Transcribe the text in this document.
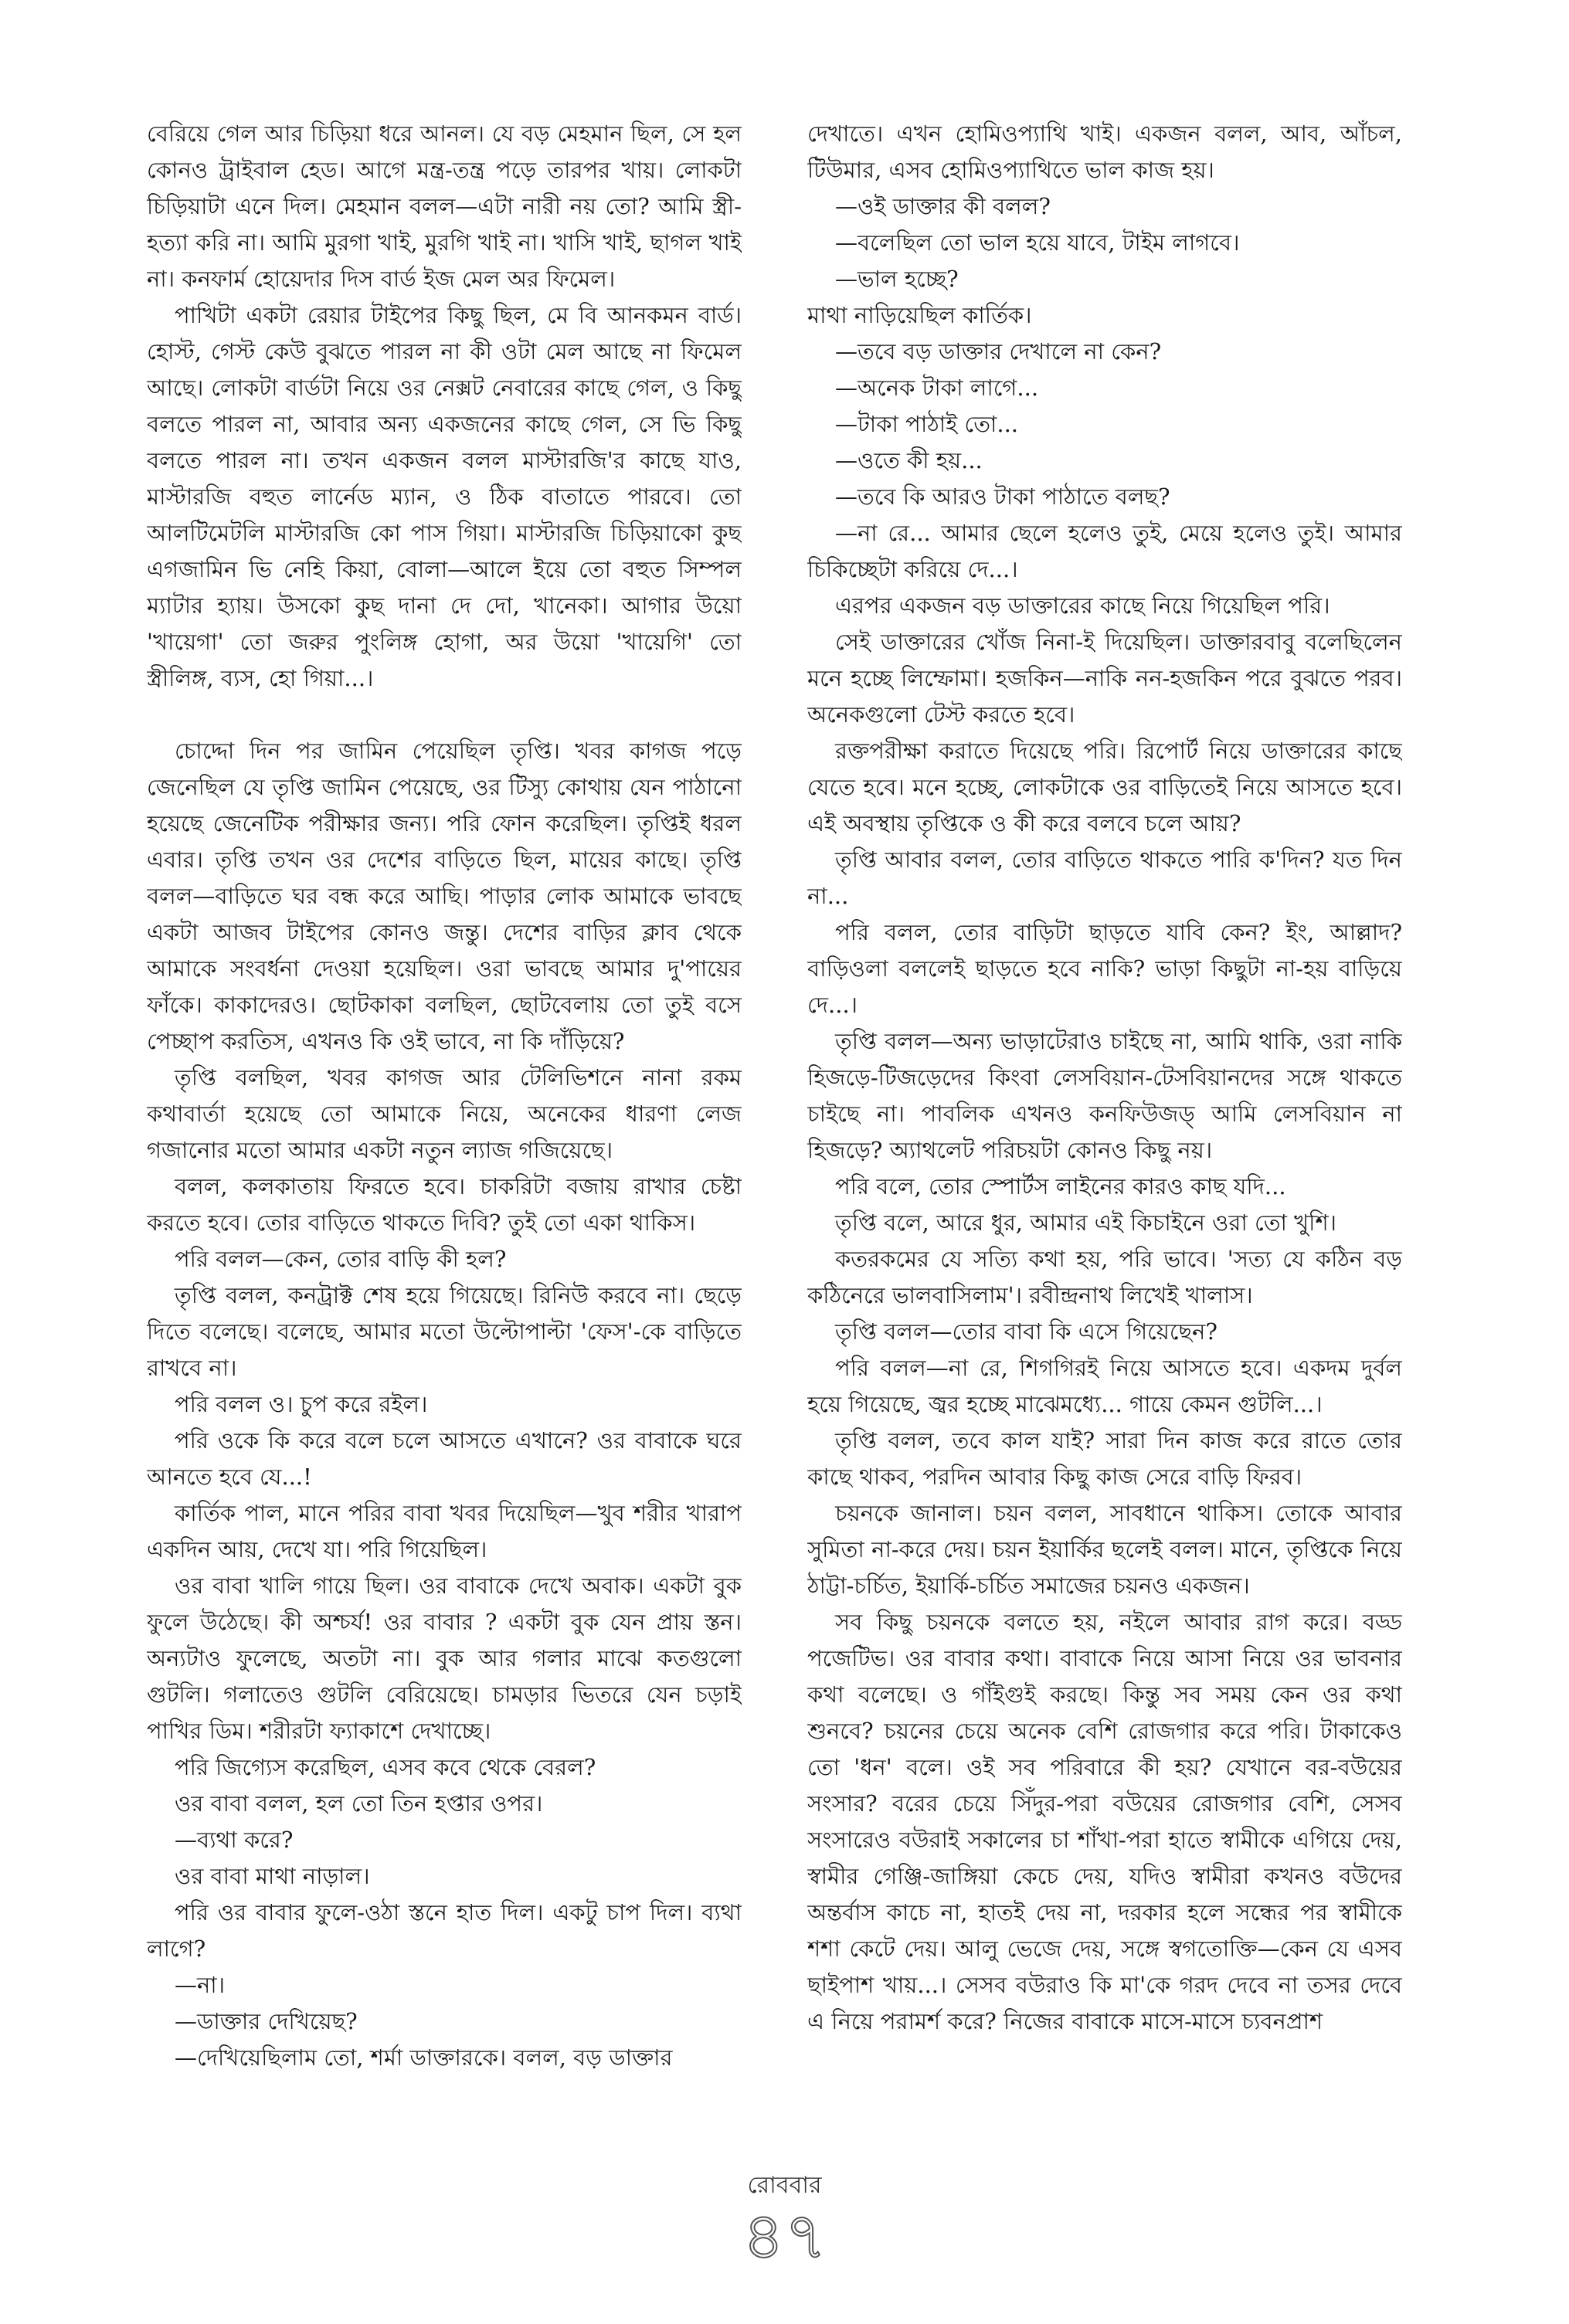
বেরিয়ে গেল আর চিড়িয়া ধরে আনল। যে বড় মেহমান ছিল, সে হল কোনও ট্রাইবাল হেড। আগে মন্ত্র-তন্ত্র পড়ে তারপর খায়। লোকটা চিড়িয়াটা এনে দিল। মেহমান বলল—এটা নারী নয় তো? আমি স্ত্রী-হত্যা করি না। আমি মুরগা খাই, মুরগি খাই না। খাসি খাই, ছাগল খাই না। কনফার্ম হোয়েদার দিস বার্ড ইজ মেল অর ফিমেল।

পাখিটা একটা রেয়ার টাইপের কিছু ছিল, মে বি আনকমন বার্ড। হোস্ট, গেস্ট কেউ বুঝতে পারল না কী ওটা মেল আছে না ফিমেল আছে। লোকটা বার্ডটা নিয়ে ওর নেক্সট নেবারের কাছে গেল, ও কিছু বলতে পারল না, আবার অন্য একজনের কাছে গেল, সে ভি কিছু বলতে পারল না। তখন একজন বলল মাস্টারজি'র কাছে যাও, মাস্টারজি বহুত লার্নেড ম্যান, ও ঠিক বাতাতে পারবে। তো আলটিমেটলি মাস্টারজি কো পাস গিয়া। মাস্টারজি চিড়িয়াকো কুছ এগজামিন ভি নেহি কিয়া, বোলা—আলে ইয়ে তো বহুত সিম্পল ম্যাটার হ্যায়। উসকো কুছ দানা দে দো, খানেকা। আগার উয়ো 'খায়েগা' তো জরুর পুংলিঙ্গ হোগা, অর উয়ো 'খায়েগি' তো স্ত্রীলিঙ্গ, ব্যস, হো গিয়া...।

চোদ্দো দিন পর জামিন পেয়েছিল তৃপ্তি। খবর কাগজ পড়ে জেনেছিল যে তৃপ্তি জামিন পেয়েছে, ওর টিস্যু কোথায় যেন পাঠানো হয়েছে জেনেটিক পরীক্ষার জন্য। পরি ফোন করেছিল। তৃপ্তিই ধরল এবার। তৃপ্তি তখন ওর দেশের বাড়িতে ছিল, মায়ের কাছে। তৃপ্তি বলল—বাড়িতে ঘর বন্ধ করে আছি। পাড়ার লোক আমাকে ভাবছে একটা আজব টাইপের কোনও জন্তু। দেশের বাড়ির ক্লাব থেকে আমাকে সংবর্ধনা দেওয়া হয়েছিল। ওরা ভাবছে আমার দু'পায়ের ফাঁকে। কাকাদেরও। ছোটকাকা বলছিল, ছোটবেলায় তো তুই বসে পেচ্ছাপ করতিস, এখনও কি ওই ভাবে, না কি দাঁড়িয়ে?

তৃপ্তি বলছিল, খবর কাগজ আর টেলিভিশনে নানা রকম কথাবার্তা হয়েছে তো আমাকে নিয়ে, অনেকের ধারণা লেজ গজানোর মতো আমার একটা নতুন ল্যাজ গজিয়েছে।

বলল, কলকাতায় ফিরতে হবে। চাকরিটা বজায় রাখার চেষ্টা করতে হবে। তোর বাড়িতে থাকতে দিবি? তুই তো একা থাকিস।

পরি বলল—কেন, তোর বাড়ি কী হল?

তৃপ্তি বলল, কনট্রাক্ট শেষ হয়ে গিয়েছে। রিনিউ করবে না। ছেড়ে দিতে বলেছে। বলেছে, আমার মতো উল্টোপাল্টা 'ফেস'-কে বাড়িতে রাখবে না।

পরি বলল ও। চুপ করে রইল।

পরি ওকে কি করে বলে চলে আসতে এখানে? ওর বাবাকে ঘরে আনতে হবে যে...!

কার্তিক পাল, মানে পরির বাবা খবর দিয়েছিল—খুব শরীর খারাপ একদিন আয়, দেখে যা। পরি গিয়েছিল।

ওর বাবা খালি গায়ে ছিল। ওর বাবাকে দেখে অবাক। একটা বুক ফুলে উঠেছে। কী অশ্চর্য! ওর বাবার ? একটা বুক যেন প্রায় স্তন। অন্যটাও ফুলেছে, অতটা না। বুক আর গলার মাঝে কতগুলো গুটলি। গলাতেও গুটলি বেরিয়েছে। চামড়ার ভিতরে যেন চড়াই পাখির ডিম। শরীরটা ফ্যাকাশে দেখাচ্ছে।

পরি জিগ্যেস করেছিল, এসব কবে থেকে বেরল?

ওর বাবা বলল, হল তো তিন হপ্তার ওপর।

—ব্যথা করে?

ওর বাবা মাথা নাড়াল।

পরি ওর বাবার ফুলে-ওঠা স্তনে হাত দিল। একটু চাপ দিল। ব্যথা লাগে?

—না।

—ডাক্তার দেখিয়েছ?

—দেখিয়েছিলাম তো, শর্মা ডাক্তারকে। বলল, বড় ডাক্তার

দেখাতে। এখন হোমিওপ্যাথি খাই। একজন বলল, আব, আঁচল, টিউমার, এসব হোমিওপ্যাথিতে ভাল কাজ হয়।

—ওই ডাক্তার কী বলল?

—বলেছিল তো ভাল হয়ে যাবে, টাইম লাগবে।

—ভাল হচ্ছে?

মাথা নাড়িয়েছিল কার্তিক।

—তবে বড় ডাক্তার দেখালে না কেন?

—অনেক টাকা লাগে...

—টাকা পাঠাই তো...

—ওতে কী হয়...

—তবে কি আরও টাকা পাঠাতে বলছ?

—না রে... আমার ছেলে হলেও তুই, মেয়ে হলেও তুই। আমার চিকিচ্ছেটা করিয়ে দে...।

এরপর একজন বড় ডাক্তারের কাছে নিয়ে গিয়েছিল পরি।

সেই ডাক্তারের খোঁজ নিনা-ই দিয়েছিল। ডাক্তারবাবু বলেছিলেন মনে হচ্ছে লিম্ফোমা। হজকিন—নাকি নন-হজকিন পরে বুঝতে পরব। অনেকগুলো টেস্ট করতে হবে।

রক্তপরীক্ষা করাতে দিয়েছে পরি। রিপোর্ট নিয়ে ডাক্তারের কাছে যেতে হবে। মনে হচ্ছে, লোকটাকে ওর বাড়িতেই নিয়ে আসতে হবে। এই অবস্থায় তৃপ্তিকে ও কী করে বলবে চলে আয়?

তৃপ্তি আবার বলল, তোর বাড়িতে থাকতে পারি ক'দিন? যত দিন না...

পরি বলল, তোর বাড়িটা ছাড়তে যাবি কেন? ইং, আল্লাদ? বাড়িওলা বললেই ছাড়তে হবে নাকি? ভাড়া কিছুটা না-হয় বাড়িয়ে দে...।

তৃপ্তি বলল—অন্য ভাড়াটেরাও চাইছে না, আমি থাকি, ওরা নাকি হিজড়ে-টিজড়েদের কিংবা লেসবিয়ান-টেসবিয়ানদের সঙ্গে থাকতে চাইছে না। পাবলিক এখনও কনফিউজড্ আমি লেসবিয়ান না হিজড়ে? অ্যাথলেট পরিচয়টা কোনও কিছু নয়।

পরি বলে, তোর স্পোর্টস লাইনের কারও কাছ যদি...

তৃপ্তি বলে, আরে ধুর, আমার এই কিচাইনে ওরা তো খুশি।

কতরকমের যে সত্যি কথা হয়, পরি ভাবে। 'সত্য যে কঠিন বড় কঠিনেরে ভালবাসিলাম'। রবীন্দ্রনাথ লিখেই খালাস।

তৃপ্তি বলল—তোর বাবা কি এসে গিয়েছেন?

পরি বলল—না রে, শিগগিরই নিয়ে আসতে হবে। একদম দুর্বল হয়ে গিয়েছে, জ্বর হচ্ছে মাঝেমধ্যে... গায়ে কেমন গুটলি...।

তৃপ্তি বলল, তবে কাল যাই? সারা দিন কাজ করে রাতে তোর কাছে থাকব, পরদিন আবার কিছু কাজ সেরে বাড়ি ফিরব।

চয়নকে জানাল। চয়ন বলল, সাবধানে থাকিস। তোকে আবার সুমিতা না-করে দেয়। চয়ন ইয়ার্কির ছলেই বলল। মানে, তৃপ্তিকে নিয়ে ঠাট্টা-চর্চিত, ইয়ার্কি-চর্চিত সমাজের চয়নও একজন।

সব কিছু চয়নকে বলতে হয়, নইলে আবার রাগ করে। বড্ড পজেটিভ। ওর বাবার কথা। বাবাকে নিয়ে আসা নিয়ে ওর ভাবনার কথা বলেছে। ও গাঁইগুই করছে। কিন্তু সব সময় কেন ওর কথা শুনবে? চয়নের চেয়ে অনেক বেশি রোজগার করে পরি। টাকাকেও তো 'ধন' বলে। ওই সব পরিবারে কী হয়? যেখানে বর-বউয়ের সংসার? বরের চেয়ে সিঁদুর-পরা বউয়ের রোজগার বেশি, সেসব সংসারেও বউরাই সকালের চা শাঁখা-পরা হাতে স্বামীকে এগিয়ে দেয়, স্বামীর গেঞ্জি-জাঙ্গিয়া কেচে দেয়, যদিও স্বামীরা কখনও বউদের অন্তর্বাস কাচে না, হাতই দেয় না, দরকার হলে সন্ধের পর স্বামীকে শশা কেটে দেয়। আলু ভেজে দেয়, সঙ্গে স্বগতোক্তি—কেন যে এসব ছাইপাশ খায়...। সেসব বউরাও কি মা'কে গরদ দেবে না তসর দেবে এ নিয়ে পরামর্শ করে? নিজের বাবাকে মাসে-মাসে চ্যবনপ্রাশ

রোববার
৪৭
